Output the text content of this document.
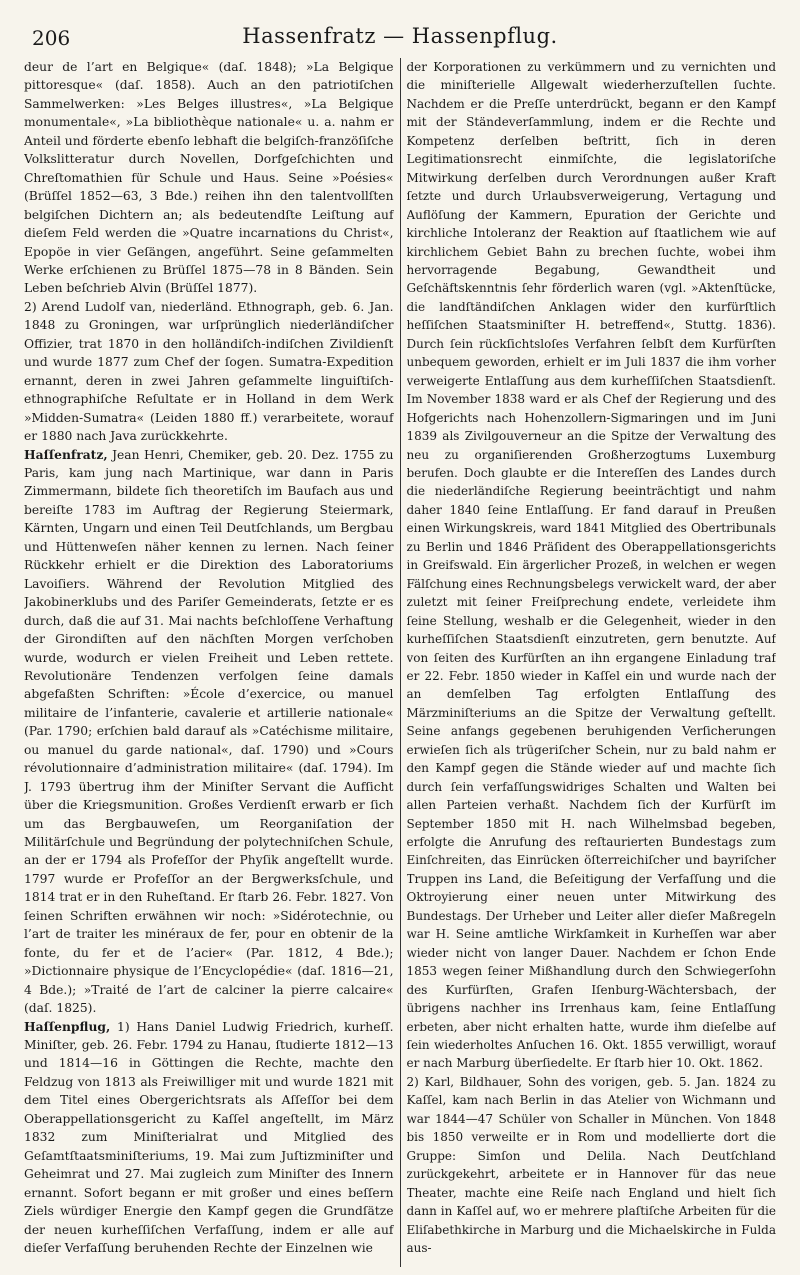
206	Hassenfratz — Hassenpflug.

deur de l’art en Belgique« (daſ. 1848); »La Belgique pittoresque« (daſ. 1858). Auch an den patriotiſchen Sammelwerken: »Les Belges illustres«, »La Belgique monumentale«, »La bibliothèque nationale« u. a. nahm er Anteil und förderte ebenſo lebhaft die belgiſch-franzöſiſche Volkslitteratur durch Novellen, Dorfgeſchichten und Chreſtomathien für Schule und Haus. Seine »Poésies« (Brüſſel 1852—63, 3 Bde.) reihen ihn den talentvollſten belgiſchen Dichtern an; als bedeutendſte Leiſtung auf dieſem Feld werden die »Quatre incarnations du Christ«, Epopöe in vier Geſängen, angeführt. Seine geſammelten Werke erſchienen zu Brüſſel 1875—78 in 8 Bänden. Sein Leben beſchrieb Alvin (Brüſſel 1877).

2) Arend Ludolf van, niederländ. Ethnograph, geb. 6. Jan. 1848 zu Groningen, war urſprünglich niederländiſcher Offizier, trat 1870 in den holländiſch-indiſchen Zivildienſt und wurde 1877 zum Chef der ſogen. Sumatra-Expedition ernannt, deren in zwei Jahren geſammelte linguiſtiſch-ethnographiſche Reſultate er in Holland in dem Werk »Midden-Sumatra« (Leiden 1880 ff.) verarbeitete, worauf er 1880 nach Java zurückkehrte.

Haſſenfratz, Jean Henri, Chemiker, geb. 20. Dez. 1755 zu Paris, kam jung nach Martinique, war dann in Paris Zimmermann, bildete ſich theoretiſch im Baufach aus und bereiſte 1783 im Auftrag der Regierung Steiermark, Kärnten, Ungarn und einen Teil Deutſchlands, um Bergbau und Hüttenweſen näher kennen zu lernen. Nach ſeiner Rückkehr erhielt er die Direktion des Laboratoriums Lavoiſiers. Während der Revolution Mitglied des Jakobinerklubs und des Pariſer Gemeinderats, ſetzte er es durch, daß die auf 31. Mai nachts beſchloſſene Verhaftung der Girondiſten auf den nächſten Morgen verſchoben wurde, wodurch er vielen Freiheit und Leben rettete. Revolutionäre Tendenzen verfolgen ſeine damals abgefaßten Schriften: »École d’exercice, ou manuel militaire de l’infanterie, cavalerie et artillerie nationale« (Par. 1790; erſchien bald darauf als »Catéchisme militaire, ou manuel du garde national«, daſ. 1790) und »Cours révolutionnaire d’administration militaire« (daſ. 1794). Im J. 1793 übertrug ihm der Miniſter Servant die Aufſicht über die Kriegsmunition. Großes Verdienſt erwarb er ſich um das Bergbauweſen, um Reorganiſation der Militärſchule und Begründung der polytechniſchen Schule, an der er 1794 als Profeſſor der Phyſik angeſtellt wurde. 1797 wurde er Profeſſor an der Bergwerksſchule, und 1814 trat er in den Ruheſtand. Er ſtarb 26. Febr. 1827. Von ſeinen Schriften erwähnen wir noch: »Sidérotechnie, ou l’art de traiter les minéraux de fer, pour en obtenir de la fonte, du fer et de l’acier« (Par. 1812, 4 Bde.); »Dictionnaire physique de l’Encyclopédie« (daſ. 1816—21, 4 Bde.); »Traité de l’art de calciner la pierre calcaire« (daſ. 1825).

Haſſenpflug, 1) Hans Daniel Ludwig Friedrich, kurheſſ. Miniſter, geb. 26. Febr. 1794 zu Hanau, ſtudierte 1812—13 und 1814—16 in Göttingen die Rechte, machte den Feldzug von 1813 als Freiwilliger mit und wurde 1821 mit dem Titel eines Obergerichtsrats als Aſſeſſor bei dem Oberappellationsgericht zu Kaſſel angeſtellt, im März 1832 zum Miniſterialrat und Mitglied des Geſamtſtaatsminiſteriums, 19. Mai zum Juſtizminiſter und Geheimrat und 27. Mai zugleich zum Miniſter des Innern ernannt. Sofort begann er mit großer und eines beſſern Ziels würdiger Energie den Kampf gegen die Grundſätze der neuen kurheſſiſchen Verfaſſung, indem er alle auf dieſer Verfaſſung beruhenden Rechte der Einzelnen wie

der Korporationen zu verkümmern und zu vernichten und die miniſterielle Allgewalt wiederherzuſtellen ſuchte. Nachdem er die Preſſe unterdrückt, begann er den Kampf mit der Ständeverſammlung, indem er die Rechte und Kompetenz derſelben beſtritt, ſich in deren Legitimationsrecht einmiſchte, die legislatoriſche Mitwirkung derſelben durch Verordnungen außer Kraft ſetzte und durch Urlaubsverweigerung, Vertagung und Auflöſung der Kammern, Epuration der Gerichte und kirchliche Intoleranz der Reaktion auf ſtaatlichem wie auf kirchlichem Gebiet Bahn zu brechen ſuchte, wobei ihm hervorragende Begabung, Gewandtheit und Geſchäftskenntnis ſehr förderlich waren (vgl. »Aktenſtücke, die landſtändiſchen Anklagen wider den kurfürſtlich heſſiſchen Staatsminiſter H. betreffend«, Stuttg. 1836). Durch ſein rückſichtsloſes Verfahren ſelbſt dem Kurfürſten unbequem geworden, erhielt er im Juli 1837 die ihm vorher verweigerte Entlaſſung aus dem kurheſſiſchen Staatsdienſt. Im November 1838 ward er als Chef der Regierung und des Hofgerichts nach Hohenzollern-Sigmaringen und im Juni 1839 als Zivilgouverneur an die Spitze der Verwaltung des neu zu organiſierenden Großherzogtums Luxemburg berufen. Doch glaubte er die Intereſſen des Landes durch die niederländiſche Regierung beeinträchtigt und nahm daher 1840 ſeine Entlaſſung. Er fand darauf in Preußen einen Wirkungskreis, ward 1841 Mitglied des Obertribunals zu Berlin und 1846 Präſident des Oberappellationsgerichts in Greifswald. Ein ärgerlicher Prozeß, in welchen er wegen Fälſchung eines Rechnungsbelegs verwickelt ward, der aber zuletzt mit ſeiner Freiſprechung endete, verleidete ihm ſeine Stellung, weshalb er die Gelegenheit, wieder in den kurheſſiſchen Staatsdienſt einzutreten, gern benutzte. Auf von ſeiten des Kurfürſten an ihn ergangene Einladung traf er 22. Febr. 1850 wieder in Kaſſel ein und wurde nach der an demſelben Tag erfolgten Entlaſſung des Märzminiſteriums an die Spitze der Verwaltung geſtellt. Seine anfangs gegebenen beruhigenden Verſicherungen erwieſen ſich als trügeriſcher Schein, nur zu bald nahm er den Kampf gegen die Stände wieder auf und machte ſich durch ſein verfaſſungswidriges Schalten und Walten bei allen Parteien verhaßt. Nachdem ſich der Kurfürſt im September 1850 mit H. nach Wilhelmsbad begeben, erfolgte die Anrufung des reſtaurierten Bundestags zum Einſchreiten, das Einrücken öſterreichiſcher und bayriſcher Truppen ins Land, die Beſeitigung der Verfaſſung und die Oktroyierung einer neuen unter Mitwirkung des Bundestags. Der Urheber und Leiter aller dieſer Maßregeln war H. Seine amtliche Wirkſamkeit in Kurheſſen war aber wieder nicht von langer Dauer. Nachdem er ſchon Ende 1853 wegen ſeiner Mißhandlung durch den Schwiegerſohn des Kurfürſten, Grafen Iſenburg-Wächtersbach, der übrigens nachher ins Irrenhaus kam, ſeine Entlaſſung erbeten, aber nicht erhalten hatte, wurde ihm dieſelbe auf ſein wiederholtes Anſuchen 16. Okt. 1855 verwilligt, worauf er nach Marburg überſiedelte. Er ſtarb hier 10. Okt. 1862.

2) Karl, Bildhauer, Sohn des vorigen, geb. 5. Jan. 1824 zu Kaſſel, kam nach Berlin in das Atelier von Wichmann und war 1844—47 Schüler von Schaller in München. Von 1848 bis 1850 verweilte er in Rom und modellierte dort die Gruppe: Simſon und Delila. Nach Deutſchland zurückgekehrt, arbeitete er in Hannover für das neue Theater, machte eine Reiſe nach England und hielt ſich dann in Kaſſel auf, wo er mehrere plaſtiſche Arbeiten für die Eliſabethkirche in Marburg und die Michaelskirche in Fulda aus-
